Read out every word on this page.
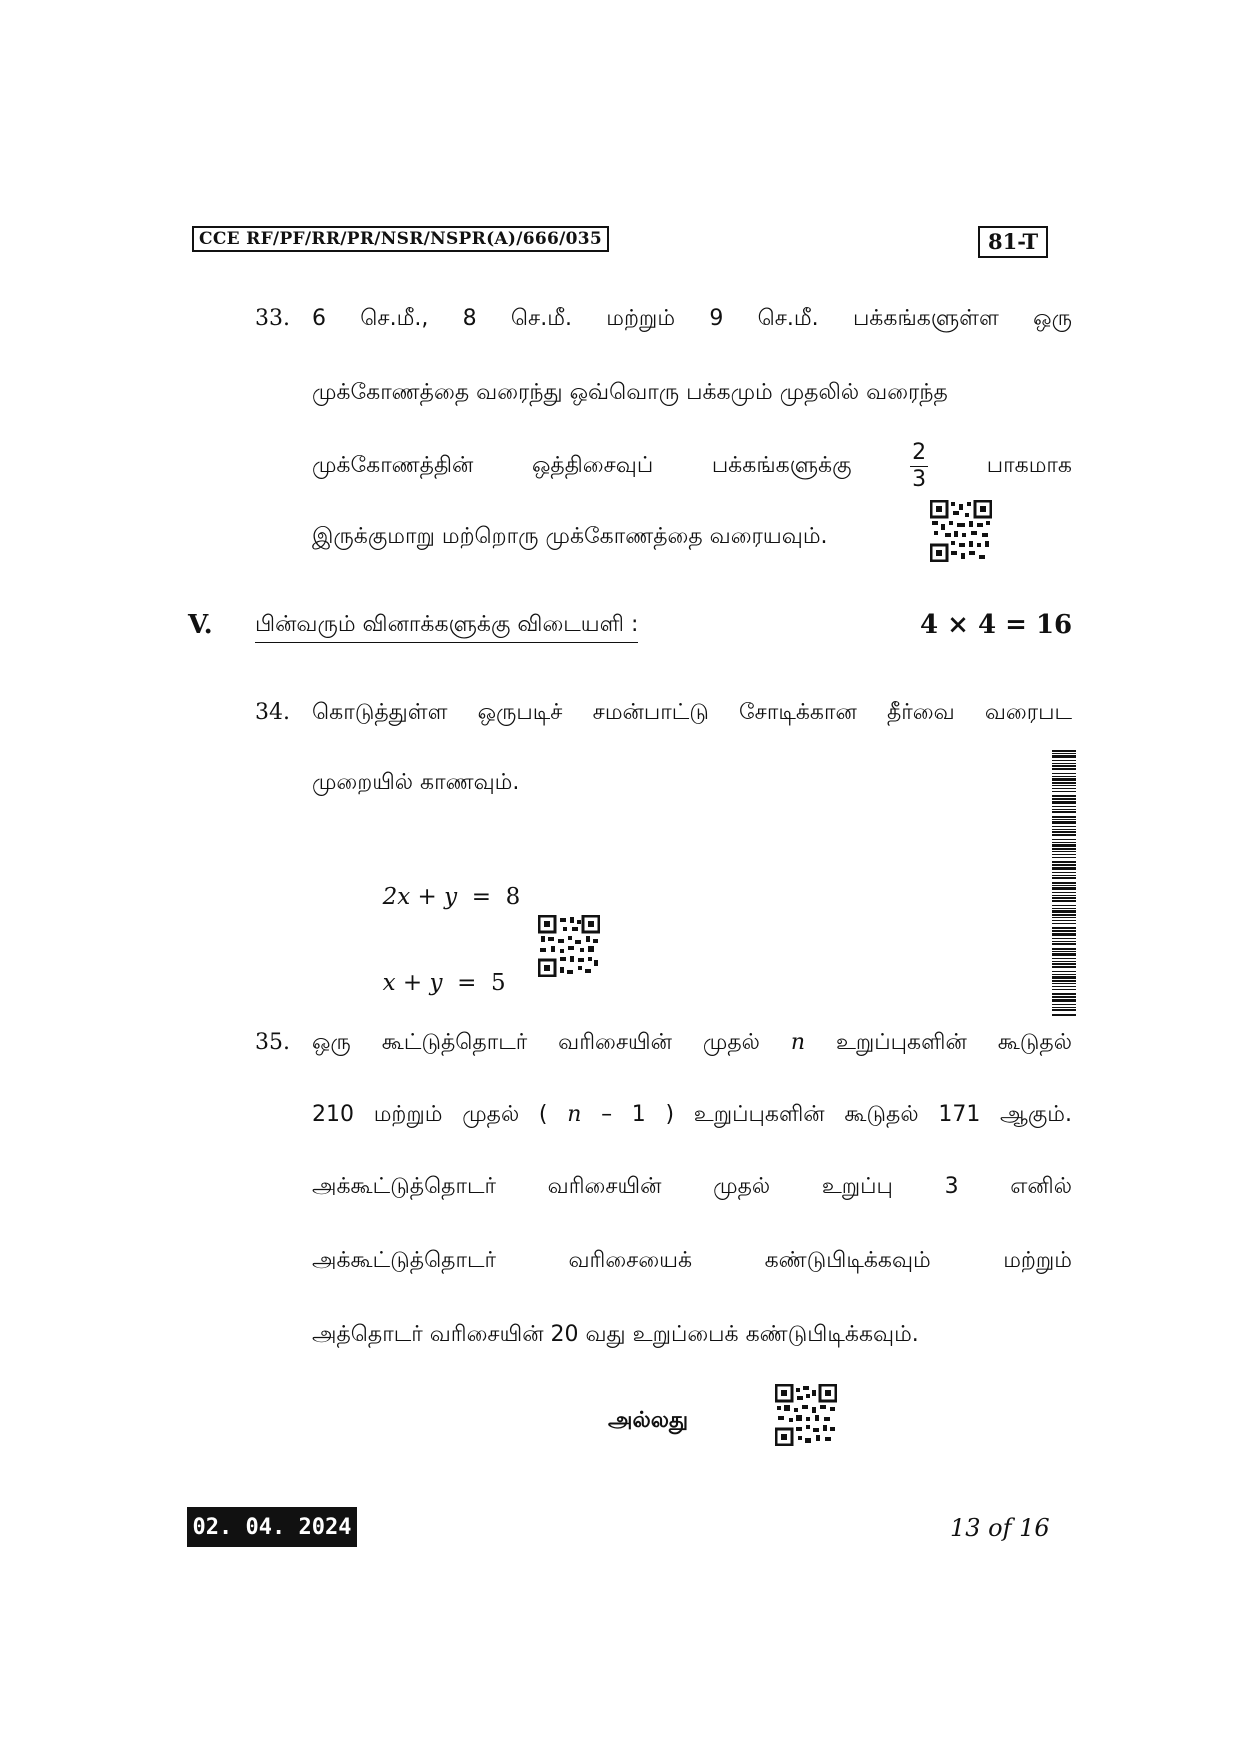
CCE RF/PF/RR/PR/NSR/NSPR(A)/666/035	81-T
33. 6 செ.மீ., 8 செ.மீ. மற்றும் 9 செ.மீ. பக்கங்களுள்ள ஒரு
முக்கோணத்தை வரைந்து ஒவ்வொரு பக்கமும் முதலில் வரைந்த
முக்கோணத்தின்	ஒத்திசைவுப்	பக்கங்களுக்கு	$\frac{2}{3}$	பாகமாக
இருக்குமாறு மற்றொரு முக்கோணத்தை வரையவும்.
V. பின்வரும் வினாக்களுக்கு விடையளி :	4 × 4 = 16
34. கொடுத்துள்ள ஒருபடிச் சமன்பாட்டு சோடிக்கான தீர்வை வரைபட
முறையில் காணவும்.

2x + y = 8

x + y = 5

35. ஒரு கூட்டுத்தொடர் வரிசையின் முதல் n உறுப்புகளின் கூடுதல்
210 மற்றும் முதல் ( n – 1 ) உறுப்புகளின் கூடுதல் 171 ஆகும்.
அக்கூட்டுத்தொடர் வரிசையின் முதல் உறுப்பு 3 எனில்
அக்கூட்டுத்தொடர்	வரிசையைக்	கண்டுபிடிக்கவும்	மற்றும்
அத்தொடர் வரிசையின் 20 வது உறுப்பைக் கண்டுபிடிக்கவும்.
அல்லது
02. 04. 2024	13 of 16
